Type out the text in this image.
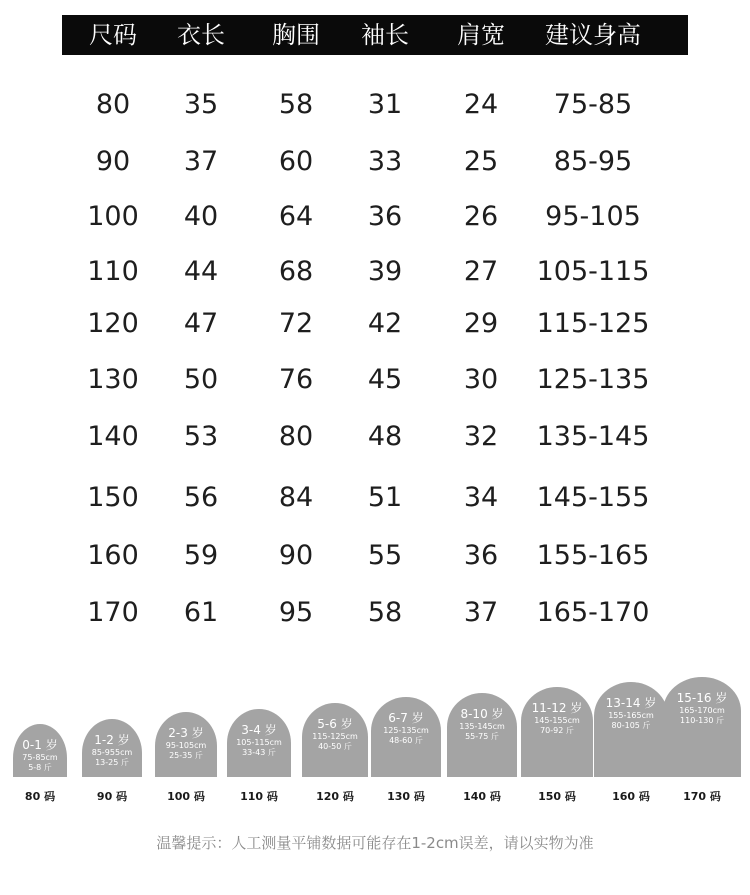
尺码 衣长 胸围 袖长 肩宽 建议身高
80 35 58 31 24 75-85
90 37 60 33 25 85-95
100 40 64 36 26 95-105
110 44 68 39 27 105-115
120 47 72 42 29 115-125
130 50 76 45 30 125-135
140 53 80 48 32 135-145
150 56 84 51 34 145-155
160 59 90 55 36 155-165
170 61 95 58 37 165-170
0-1 岁
75-85cm
5-8 斤
80 码
1-2 岁
85-955cm
13-25 斤
90 码
2-3 岁
95-105cm
25-35 斤
100 码
3-4 岁
105-115cm
33-43 斤
110 码
5-6 岁
115-125cm
40-50 斤
120 码
6-7 岁
125-135cm
48-60 斤
130 码
8-10 岁
135-145cm
55-75 斤
140 码
11-12 岁
145-155cm
70-92 斤
150 码
13-14 岁
155-165cm
80-105 斤
160 码
15-16 岁
165-170cm
110-130 斤
170 码
温馨提示：人工测量平铺数据可能存在1-2cm误差，请以实物为准
